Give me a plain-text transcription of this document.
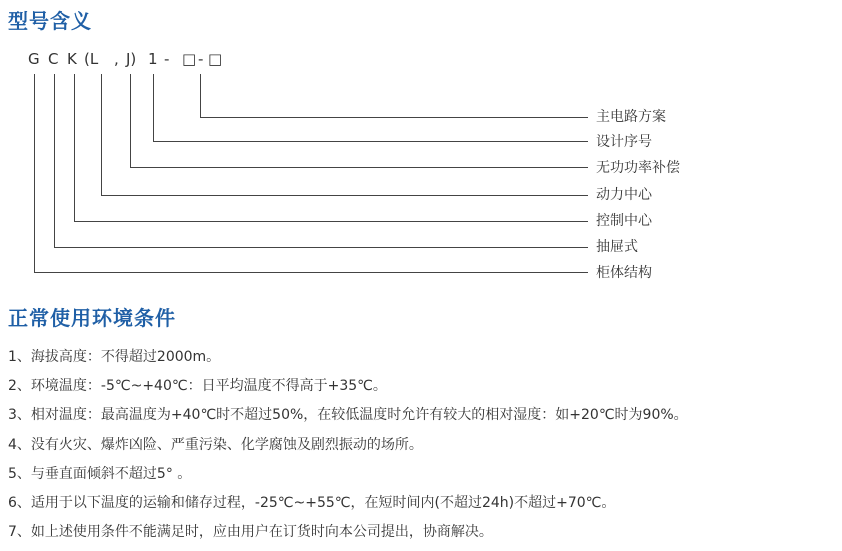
型号含义
G C K (L , J) 1 - □ - □
主电路方案
设计序号
无功功率补偿
动力中心
控制中心
抽屉式
柜体结构
正常使用环境条件
1、海拔高度：不得超过2000m。
2、环境温度：-5℃~+40℃：日平均温度不得高于+35℃。
3、相对温度：最高温度为+40℃时不超过50%，在较低温度时允许有较大的相对湿度：如+20℃时为90%。
4、没有火灾、爆炸凶险、严重污染、化学腐蚀及剧烈振动的场所。
5、与垂直面倾斜不超过5° 。
6、适用于以下温度的运输和储存过程，-25℃~+55℃，在短时间内(不超过24h)不超过+70℃。
7、如上述使用条件不能满足时，应由用户在订货时向本公司提出，协商解决。
